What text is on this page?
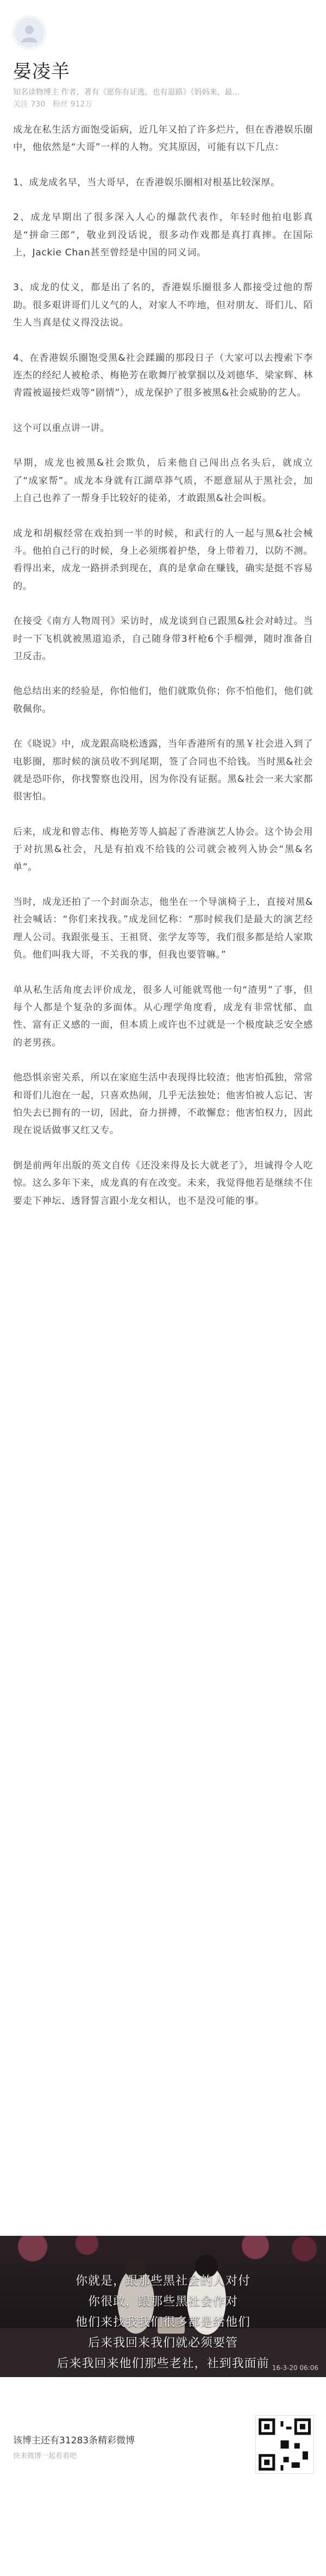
晏凌羊
知名读物博主 作者，著有《愿你有证逃，也有退路》《妈妈来，最…
关注 730 粉丝 912万

成龙在私生活方面饱受诟病，近几年又拍了许多烂片，但在香港娱乐圈中，他依然是“大哥”一样的人物。究其原因，可能有以下几点：

1、成龙成名早，当大哥早，在香港娱乐圈相对根基比较深厚。

2、成龙早期出了很多深入人心的爆款代表作，年轻时他拍电影真是“拼命三郎”，敬业到没话说，很多动作戏都是真打真摔。在国际上，Jackie Chan甚至曾经是中国的同义词。

3、成龙的仗义，都是出了名的，香港娱乐圈很多人都接受过他的帮助。很多艰讲哥们儿义气的人，对家人不咋地，但对朋友、哥们儿、陌生人当真是仗义得没法说。

4、在香港娱乐圈饱受黑&社会蹂躏的那段日子（大家可以去搜索下李连杰的经纪人被枪杀、梅艳芳在歌舞厅被掌掴以及刘德华、梁家辉、林青霞被逼接烂戏等“剧情”），成龙保护了很多被黑&社会威胁的艺人。

这个可以重点讲一讲。

早期，成龙也被黑&社会欺负，后来他自己闯出点名头后，就成立了“成家帮”。成龙本身就有江湖草莽气质，不愿意屈从于黑社会，加上自己也养了一帮身手比较好的徒弟，才敢跟黑&社会叫板。

成龙和胡椒经常在戏拍到一半的时候，和武行的人一起与黑&社会械斗。他拍自己行的时候，身上必须绑着护垫，身上带着刀，以防不测。看得出来，成龙一路拼杀到现在，真的是拿命在赚钱，确实是挺不容易的。

在接受《南方人物周刊》采访时，成龙谈到自己跟黑&社会对峙过。当时一下飞机就被黑道追杀，自己随身带3杆枪6个手榴弹，随时准备自卫反击。

他总结出来的经验是，你怕他们，他们就欺负你；你不怕他们，他们就敬佩你。

在《晓说》中，成龙跟高晓松透露，当年香港所有的黑￥社会进入到了电影圈，那时候的演员收不到尾期，签了合同也不给钱。当时黑&社会就是恐吓你，你找警察也没用，因为你没有证据。黑&社会一来大家都很害怕。

后来，成龙和曾志伟、梅艳芳等人搞起了香港演艺人协会。这个协会用于对抗黑&社会，凡是有拍戏不给钱的公司就会被列入协会“黑&名单”。

当时，成龙还拍了一个封面杂志，他坐在一个导演椅子上，直接对黑&社会喊话：“你们来找我。”成龙回忆称：“那时候我们是最大的演艺经理人公司。我跟张曼玉、王祖贤、张学友等等，我们很多都是给人家欺负。他们叫我大哥，不关我的事，但我也要管嘛。”

单从私生活角度去评价成龙，很多人可能就骂他一句“渣男”了事，但每个人都是个复杂的多面体。从心理学角度看，成龙有非常忧郁、血性、富有正义感的一面，但本质上或许也不过就是一个极度缺乏安全感的老男孩。

他恐惧亲密关系，所以在家庭生活中表现得比较渣；他害怕孤独，常常和哥们儿泡在一起，只喜欢热闹，几乎无法独处；他害怕被人忘记、害怕失去已拥有的一切，因此，奋力拼搏，不敢懈怠；他害怕权力，因此现在说话做事又红又专。

倒是前两年出版的英文自传《还没来得及长大就老了》，坦诚得令人吃惊。这么多年下来，成龙真的有在改变。未来，我觉得他若是继续不住要走下神坛、透肾誓言跟小龙女相认，也不是没可能的事。

你就是，跟那些黑社会的人对付
你很敢，跟那些黑社会作对
他们来找我我们很多都是给他们
后来我回来我们就必须要管
后来我回来他们那些老社，社到我面前 16-3-20 06:06
该博主还有31283条精彩微博
快来微博一起看看吧
